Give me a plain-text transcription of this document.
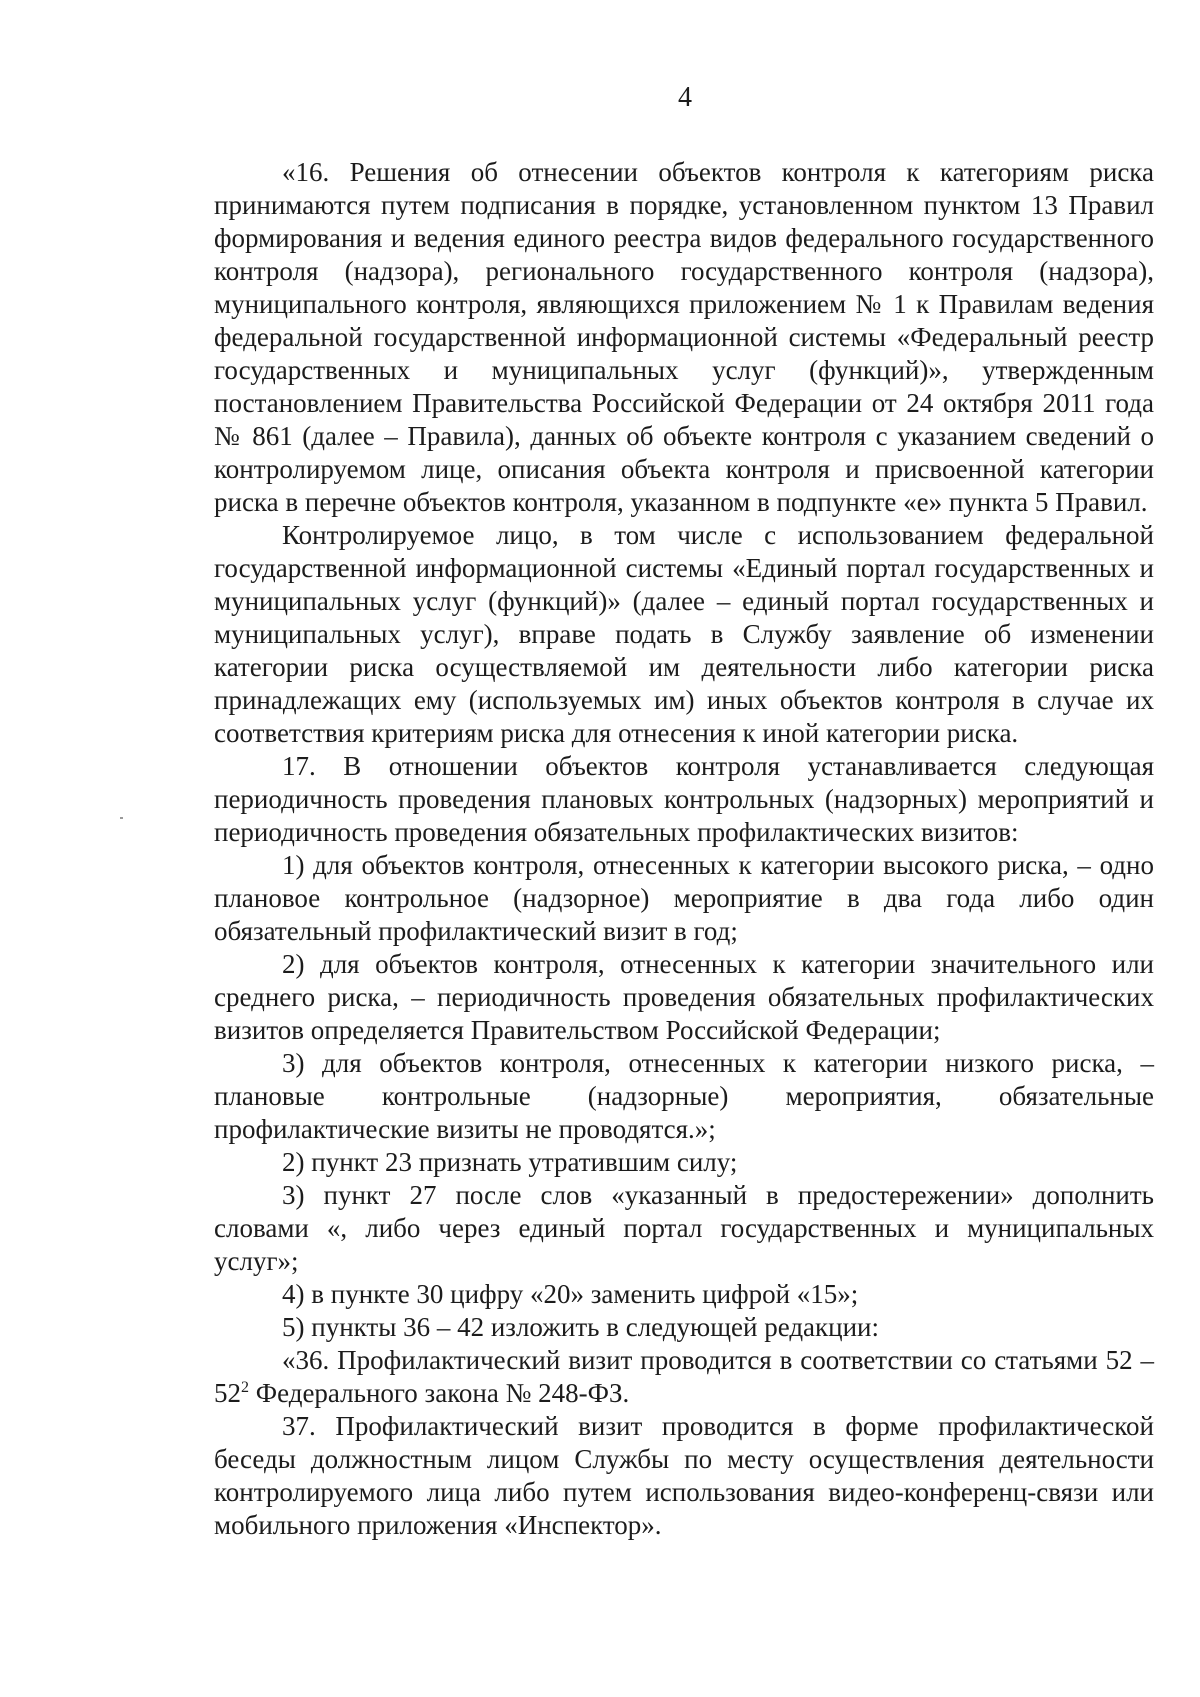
4

«16. Решения об отнесении объектов контроля к категориям риска принимаются путем подписания в порядке, установленном пунктом 13 Правил формирования и ведения единого реестра видов федерального государственного контроля (надзора), регионального государственного контроля (надзора), муниципального контроля, являющихся приложением № 1 к Правилам ведения федеральной государственной информационной системы «Федеральный реестр государственных и муниципальных услуг (функций)», утвержденным постановлением Правительства Российской Федерации от 24 октября 2011 года № 861 (далее – Правила), данных об объекте контроля с указанием сведений о контролируемом лице, описания объекта контроля и присвоенной категории риска в перечне объектов контроля, указанном в подпункте «е» пункта 5 Правил.

Контролируемое лицо, в том числе с использованием федеральной государственной информационной системы «Единый портал государственных и муниципальных услуг (функций)» (далее – единый портал государственных и муниципальных услуг), вправе подать в Службу заявление об изменении категории риска осуществляемой им деятельности либо категории риска принадлежащих ему (используемых им) иных объектов контроля в случае их соответствия критериям риска для отнесения к иной категории риска.

17. В отношении объектов контроля устанавливается следующая периодичность проведения плановых контрольных (надзорных) мероприятий и периодичность проведения обязательных профилактических визитов:

1) для объектов контроля, отнесенных к категории высокого риска, – одно плановое контрольное (надзорное) мероприятие в два года либо один обязательный профилактический визит в год;

2) для объектов контроля, отнесенных к категории значительного или среднего риска, – периодичность проведения обязательных профилактических визитов определяется Правительством Российской Федерации;

3) для объектов контроля, отнесенных к категории низкого риска, – плановые контрольные (надзорные) мероприятия, обязательные профилактические визиты не проводятся.»;

2) пункт 23 признать утратившим силу;

3) пункт 27 после слов «указанный в предостережении» дополнить словами «, либо через единый портал государственных и муниципальных услуг»;

4) в пункте 30 цифру «20» заменить цифрой «15»;

5) пункты 36 – 42 изложить в следующей редакции:

«36. Профилактический визит проводится в соответствии со статьями $52 - 52^2$ Федерального закона № 248-ФЗ.

37. Профилактический визит проводится в форме профилактической беседы должностным лицом Службы по месту осуществления деятельности контролируемого лица либо путем использования видео-конференц-связи или мобильного приложения «Инспектор».
